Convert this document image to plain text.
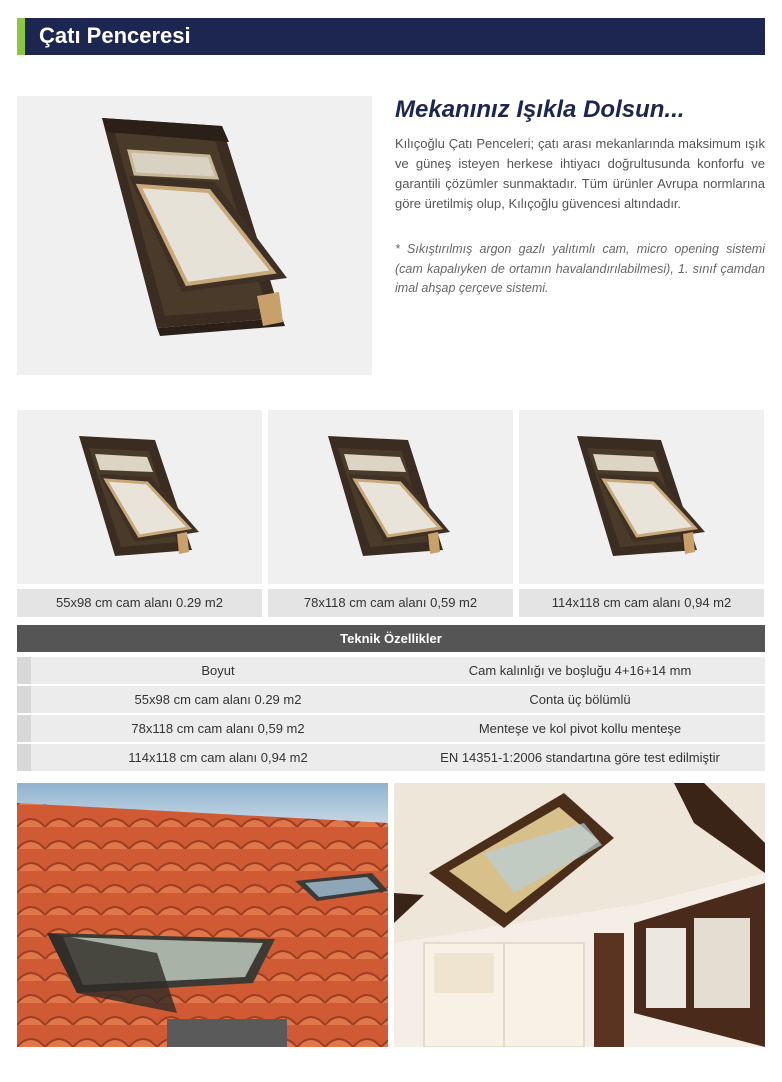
Çatı Penceresi
Mekanınız Işıkla Dolsun...
Kılıçoğlu Çatı Penceleri; çatı arası mekanlarında maksimum ışık ve güneş isteyen herkese ihtiyacı doğrultusunda konforfu ve garantili çözümler sunmaktadır. Tüm ürünler Avrupa normlarına göre üretilmiş olup, Kılıçoğlu güvencesi altındadır.
* Sıkıştırılmış argon gazlı yalıtımlı cam, micro opening sistemi (cam kapalıyken de ortamın havalandırılabilmesi), 1. sınıf çamdan imal ahşap çerçeve sistemi.
55x98 cm cam alanı 0.29 m2	78x118 cm cam alanı 0,59 m2	114x118 cm cam alanı 0,94 m2
Teknik Özellikler
Boyut	Cam kalınlığı ve boşluğu 4+16+14 mm
55x98 cm cam alanı 0.29 m2	Conta üç bölümlü
78x118 cm cam alanı 0,59 m2	Menteşe ve kol pivot kollu menteşe
114x118 cm cam alanı 0,94 m2	EN 14351-1:2006 standartına göre test edilmiştir
